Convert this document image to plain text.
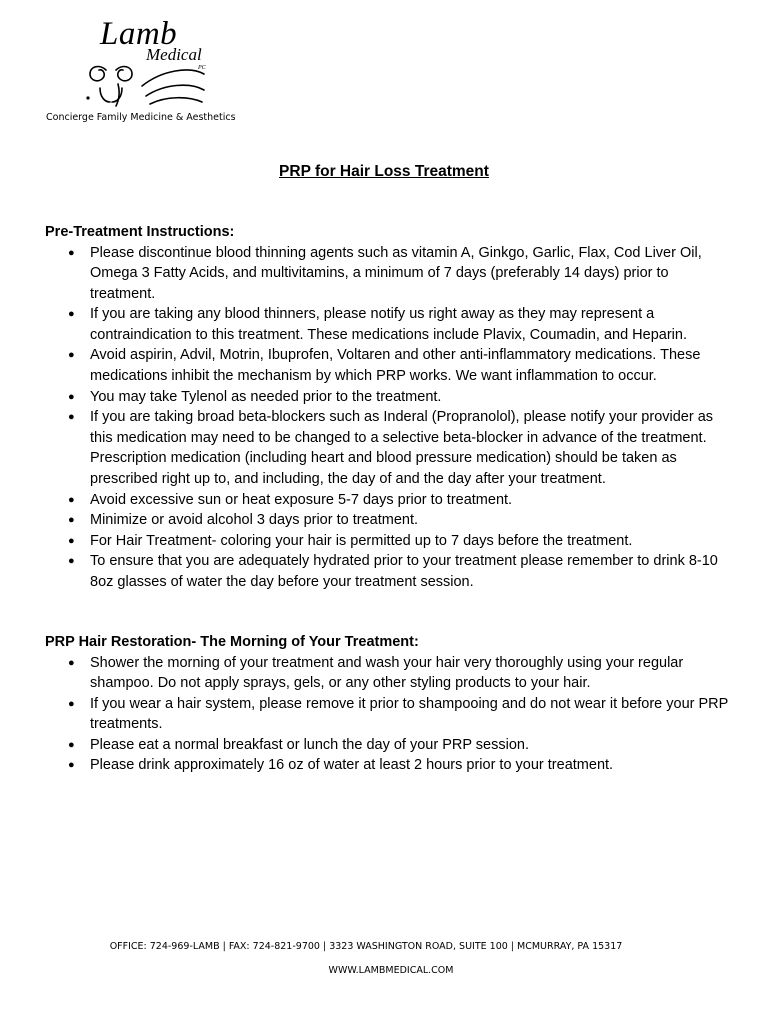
Lamb
Medical
PC
Concierge Family Medicine & Aesthetics
PRP for Hair Loss Treatment
Pre-Treatment Instructions:
● Please discontinue blood thinning agents such as vitamin A, Ginkgo, Garlic, Flax, Cod Liver Oil, Omega 3 Fatty Acids, and multivitamins, a minimum of 7 days (preferably 14 days) prior to treatment.
● If you are taking any blood thinners, please notify us right away as they may represent a contraindication to this treatment. These medications include Plavix, Coumadin, and Heparin.
● Avoid aspirin, Advil, Motrin, Ibuprofen, Voltaren and other anti-inflammatory medications. These medications inhibit the mechanism by which PRP works. We want inflammation to occur.
● You may take Tylenol as needed prior to the treatment.
● If you are taking broad beta-blockers such as Inderal (Propranolol), please notify your provider as this medication may need to be changed to a selective beta-blocker in advance of the treatment. Prescription medication (including heart and blood pressure medication) should be taken as prescribed right up to, and including, the day of and the day after your treatment.
● Avoid excessive sun or heat exposure 5-7 days prior to treatment.
● Minimize or avoid alcohol 3 days prior to treatment.
● For Hair Treatment- coloring your hair is permitted up to 7 days before the treatment.
● To ensure that you are adequately hydrated prior to your treatment please remember to drink 8-10 8oz glasses of water the day before your treatment session.
PRP Hair Restoration- The Morning of Your Treatment:
● Shower the morning of your treatment and wash your hair very thoroughly using your regular shampoo. Do not apply sprays, gels, or any other styling products to your hair.
● If you wear a hair system, please remove it prior to shampooing and do not wear it before your PRP treatments.
● Please eat a normal breakfast or lunch the day of your PRP session.
● Please drink approximately 16 oz of water at least 2 hours prior to your treatment.
OFFICE: 724-969-LAMB | FAX: 724-821-9700 | 3323 WASHINGTON ROAD, SUITE 100 | MCMURRAY, PA 15317
WWW.LAMBMEDICAL.COM
